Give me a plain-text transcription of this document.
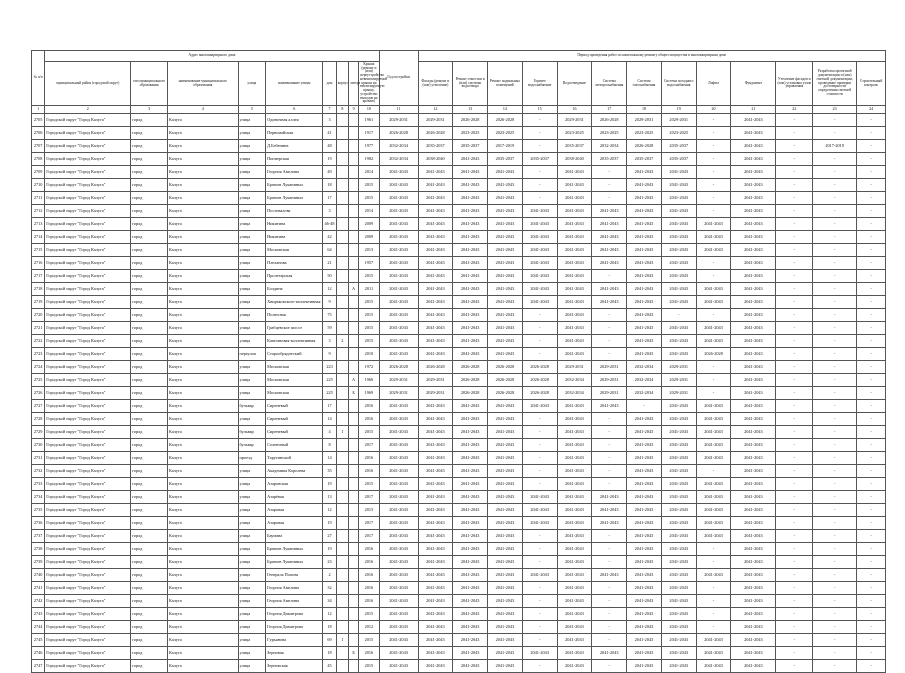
№ п/п	Адрес многоквартирного дома									Год постройки	Период проведения работ по капитальному ремонту общего имущества в многоквартирном доме												
	муниципальный район (городской округ)	тип муниципального образования	наименование муниципального образования	улица	наименование улицы	дом	корпус	литера	Крыша (ремонт и (или) переустройство невентилируемой крыши на вентилируемую крышу, устройство выходов на кровлю)		Фасады (ремонт и (или) утепление)	Ремонт отмостки и (или) системы водоотвода	Ремонт подвальных помещений	Горячее водоснабжение	Водоотведение	Система электроснабжения	Система газоснабжения	Система холодного водоснабжения	Лифты	Фундамент	Утепление фасадов и (или) установка узлов управления	Разработка проектной документации и (или) сметной документации, проведение проверки достоверности определения сметной стоимости	Строительный контроль
1	2	3	4	5	6	7	8	9	10	11	12	13	14	15	16	17	18	19	20	21	22	23	24
2705	Городской округ "Город Калуга"	город	Калуга	улица	Одиночная аллея	3			1961	2029-2031	2029-2031	2026-2028	2026-2028	-	2029-2031	2026-2028	2029-2031	2029-2031	-	2041-2043	-	-	-
2706	Городской округ "Город Калуга"	город	Калуга	улица	Первомайская	41			1917	2026-2028	2026-2028	2023-2025	2023-2025	-	2023-2025	2023-2025	2023-2025	2023-2025	-	2041-2043	-	-	-
2707	Городской округ "Город Калуга"	город	Калуга	улица	Д.Бебенина	48			1977	2032-2034	2035-2037	2035-2037	2017-2019	-	2035-2037	2032-2034	2026-2028	2035-2037	-	2041-2043	-	2017-2019	-
2708	Городской округ "Город Калуга"	город	Калуга	улица	Пионерская	19			1982	2032-2034	2038-2040	2041-2043	2035-2037	2035-2037	2038-2040	2035-2037	2035-2037	2035-2037	-	2041-2043	-	-	-
2709	Городской округ "Город Калуга"	город	Калуга	улица	Георгия Амелина	49			2014	2041-2043	2041-2043	2041-2043	2041-2043	-	2041-2043	-	2041-2043	2041-2043	-	2041-2043	-	-	-
2710	Городской округ "Город Калуга"	город	Калуга	улица	Братьев Луканиных	18			2015	2041-2043	2041-2043	2041-2043	2041-2043	-	2041-2043	-	2041-2043	2041-2043	-	2041-2043	-	-	-
2711	Городской округ "Город Калуга"	город	Калуга	улица	Братьев Луканиных	17			2015	2041-2043	2041-2043	2041-2043	2041-2043	-	2041-2043	-	2041-2043	2041-2043	-	2041-2043	-	-	-
2712	Городской округ "Город Калуга"	город	Калуга	улица	Постовалова	3			2014	2041-2043	2041-2043	2041-2043	2041-2043	2041-2043	2041-2043	2041-2043	2041-2043	2041-2043	-	2041-2043	-	-	-
2713	Городской округ "Город Калуга"	город	Калуга	улица	Никитина	46-48			2009	2041-2043	2041-2043	2041-2043	2041-2043	2041-2043	2041-2043	2041-2043	2041-2043	2041-2043	2041-2043	2041-2043	-	-	-
2714	Городской округ "Город Калуга"	город	Калуга	улица	Никитина	42			2009	2041-2043	2041-2043	2041-2043	2041-2043	2041-2043	2041-2043	2041-2043	2041-2043	2041-2043	2041-2043	2041-2043	-	-	-
2715	Городской округ "Город Калуга"	город	Калуга	улица	Московская	64			2013	2041-2043	2041-2043	2041-2043	2041-2043	2041-2043	2041-2043	2041-2043	2041-2043	2041-2043	2041-2043	2041-2043	-	-	-
2716	Городской округ "Город Калуга"	город	Калуга	улица	Плеханова	21			1957	2041-2043	2041-2043	2041-2043	2041-2043	2041-2043	2041-2043	2041-2043	2041-2043	2041-2043	-	2041-2043	-	-	-
2717	Городской округ "Город Калуга"	город	Калуга	улица	Пролетарская	50			2015	2041-2043	2041-2043	2041-2043	2041-2043	2041-2043	2041-2043	-	2041-2043	2041-2043	-	2041-2043	-	-	-
2718	Городской округ "Город Калуга"	город	Калуга	улица	Болдина	12		А	2011	2041-2043	2041-2043	2041-2043	2041-2043	2041-2043	2041-2043	2041-2043	2041-2043	2041-2043	2041-2043	2041-2043	-	-	-
2719	Городской округ "Город Калуга"	город	Калуга	улица	Хвирьковского-коллективная	9			2015	2041-2043	2041-2043	2041-2043	2041-2043	2041-2043	2041-2043	2041-2043	2041-2043	2041-2043	2041-2043	2041-2043	-	-	-
2720	Городской округ "Город Калуга"	город	Калуга	улица	Полюсная	75			2015	2041-2043	2041-2043	2041-2043	2041-2043	-	2041-2043	-	2041-2043	-	-	2041-2043	-	-	-
2721	Городской округ "Город Калуга"	город	Калуга	улица	Грабцевское шоссе	59			2015	2041-2043	2041-2043	2041-2043	2041-2043	-	2041-2043	-	2041-2043	2041-2043	2041-2043	2041-2043	-	-	-
2722	Городской округ "Город Калуга"	город	Калуга	улица	Каштановая-коллективная	3	2		2015	2041-2043	2041-2043	2041-2043	2041-2043	-	2041-2043	-	2041-2043	2041-2043	2041-2043	2041-2043	-	-	-
2723	Городской округ "Город Калуга"	город	Калуга	переулок	Старообрядческий	9			2010	2041-2043	2041-2043	2041-2043	2041-2043	-	2041-2043	-	2041-2043	2041-2043	2026-2028	2041-2043	-	-	-
2724	Городской округ "Город Калуга"	город	Калуга	улица	Московская	223			1972	2026-2028	2026-2028	2026-2028	2026-2028	2026-2028	2029-2031	2029-2031	2032-2034	2029-2031	-	2041-2043	-	-	-
2725	Городской округ "Город Калуга"	город	Калуга	улица	Московская	225		А	1966	2029-2031	2029-2031	2026-2028	2026-2028	2026-2028	2032-2034	2029-2031	2032-2034	2029-2031	-	2041-2043	-	-	-
2726	Городской округ "Город Калуга"	город	Калуга	улица	Московская	225		Б	1969	2029-2031	2029-2031	2026-2028	2026-2028	2026-2028	2032-2034	2029-2031	2032-2034	2029-2031	-	2041-2043	-	-	-
2727	Городской округ "Город Калуга"	город	Калуга	бульвар	Сиреневый	17			2016	2041-2043	2041-2043	2041-2043	2041-2043	2041-2043	2041-2043	2041-2043	-	2041-2043	2041-2043	2041-2043	-	-	-
2728	Городской округ "Город Калуга"	город	Калуга	улица	Сиреневый	14			2016	2041-2043	2041-2043	2041-2043	2041-2043	-	2041-2043	-	2041-2043	2041-2043	2041-2043	2041-2043	-	-	-
2729	Городской округ "Город Калуга"	город	Калуга	бульвар	Сиреневый	4	1		2015	2041-2043	2041-2043	2041-2043	2041-2043	-	2041-2043	-	2041-2043	2041-2043	2041-2043	2041-2043	-	-	-
2730	Городской округ "Город Калуга"	город	Калуга	бульвар	Солнечный	8			2017	2041-2043	2041-2043	2041-2043	2041-2043	-	2041-2043	-	2041-2043	2041-2043	2041-2043	2041-2043	-	-	-
2731	Городской округ "Город Калуга"	город	Калуга	проезд	Тарутинский	14			2016	2041-2043	2041-2043	2041-2043	2041-2043	-	2041-2043	-	2041-2043	2041-2043	2041-2043	2041-2043	-	-	-
2732	Городской округ "Город Калуга"	город	Калуга	улица	Академика Королева	35			2016	2041-2043	2041-2043	2041-2043	2041-2043	-	2041-2043	-	2041-2043	2041-2043	-	2041-2043	-	-	-
2733	Городской округ "Город Калуга"	город	Калуга	улица	Азаровская	19			2015	2041-2043	2041-2043	2041-2043	2041-2043	-	2041-2043	-	2041-2043	2041-2043	2041-2043	2041-2043	-	-	-
2734	Городской округ "Город Калуга"	город	Калуга	улица	Азарёвая	13			2017	2041-2043	2041-2043	2041-2043	2041-2043	2041-2043	2041-2043	2041-2043	2041-2043	2041-2043	2041-2043	2041-2043	-	-	-
2735	Городской округ "Город Калуга"	город	Калуга	улица	Азаровая	12			2013	2041-2043	2041-2043	2041-2043	2041-2043	2041-2043	2041-2043	2041-2043	2041-2043	2041-2043	2041-2043	2041-2043	-	-	-
2736	Городской округ "Город Калуга"	город	Калуга	улица	Азаровая	19			2017	2041-2043	2041-2043	2041-2043	2041-2043	2041-2043	2041-2043	2041-2043	2041-2043	2041-2043	2041-2043	2041-2043	-	-	-
2737	Городской округ "Город Калуга"	город	Калуга	улица	Баумана	27			2017	2041-2043	2041-2043	2041-2043	2041-2043	-	2041-2043	-	2041-2043	2041-2043	2041-2043	2041-2043	-	-	-
2738	Городской округ "Город Калуга"	город	Калуга	улица	Братьев Луканиных	19			2016	2041-2043	2041-2043	2041-2043	2041-2043	-	2041-2043	-	2041-2043	2041-2043	-	2041-2043	-	-	-
2739	Городской округ "Город Калуга"	город	Калуга	улица	Братьев Луканиных	23			2016	2041-2043	2041-2043	2041-2043	2041-2043	-	2041-2043	-	2041-2043	2041-2043	-	2041-2043	-	-	-
2740	Городской округ "Город Калуга"	город	Калуга	улица	Генерала Попова	2			2016	2041-2043	2041-2043	2041-2043	2041-2043	2041-2043	2041-2043	2041-2043	2041-2043	2041-2043	2041-2043	2041-2043	-	-	-
2741	Городской округ "Город Калуга"	город	Калуга	улица	Георгия Амелина	32			2016	2041-2043	2041-2043	2041-2043	2041-2043	-	2041-2043	-	2041-2043	2041-2043	-	2041-2043	-	-	-
2742	Городской округ "Город Калуга"	город	Калуга	улица	Георгия Амелина	34			2016	2041-2043	2041-2043	2041-2043	2041-2043	-	2041-2043	-	2041-2043	2041-2043	-	2041-2043	-	-	-
2743	Городской округ "Город Калуга"	город	Калуга	улица	Георгия Димитрова	12			2015	2041-2043	2041-2043	2041-2043	2041-2043	-	2041-2043	-	2041-2043	2041-2043	-	2041-2043	-	-	-
2744	Городской округ "Город Калуга"	город	Калуга	улица	Георгия Димитрова	18			2012	2041-2043	2041-2043	2041-2043	2041-2043	-	2041-2043	-	2041-2043	2041-2043	-	2041-2043	-	-	-
2745	Городской округ "Город Калуга"	город	Калуга	улица	Гурьянова	69	1		2015	2041-2043	2041-2043	2041-2043	2041-2043	-	2041-2043	-	2041-2043	2041-2043	2041-2043	2041-2043	-	-	-
2746	Городской округ "Город Калуга"	город	Калуга	улица	Зерновая	18		Б	2016	2041-2043	2041-2043	2041-2043	2041-2043	2041-2043	2041-2043	2041-2043	2041-2043	2041-2043	2041-2043	2041-2043	-	-	-
2747	Городской округ "Город Калуга"	город	Калуга	улица	Зерновская	45			2015	2041-2043	2041-2043	2041-2043	2041-2043	-	2041-2043	-	2041-2043	2041-2043	2041-2043	2041-2043	-	-	-
